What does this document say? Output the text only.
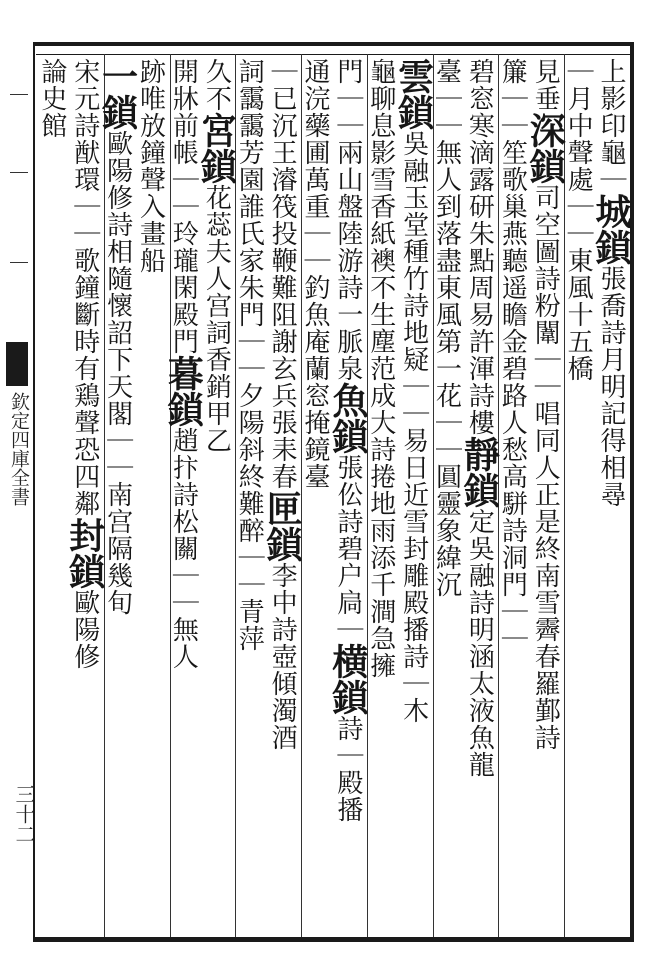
欽定四庫全書
三十二
上影印龜｜城鎖張喬詩月明記得相尋
｜月中聲處｜｜東風十五橋
見垂深鎖司空圖詩粉闈｜｜唱同人正是終南雪霽春羅鄞詩
簾｜｜笙歌巢燕聽遥瞻金碧路人愁高駢詩洞門｜｜
碧窓寒滴露研朱點周易許渾詩樓靜鎖定吳融詩明涵太液魚龍
臺｜｜無人到落盡東風第一花｜｜圓靈象緯沉
雲鎖吳融玉堂種竹詩地疑｜｜易日近雪封雕殿播詩｜木
龜聊息影雪香紙襖不生塵范成大詩捲地雨添千澗急擁
門｜｜兩山盤陸游詩一脈泉魚鎖張伀詩碧户扃｜横鎖詩｜殿播
通浣藥圃萬重｜｜釣魚庵蘭窓掩鏡臺
｜已沉王濬筏投鞭難阻謝玄兵張耒春匣鎖李中詩壺傾濁酒
詞靄靄芳園誰氏家朱門｜｜夕陽斜終難醉｜｜青萍
久不宮鎖花蕊夫人宫詞香銷甲乙
開牀前帳｜｜玲瓏閑殿門暮鎖趙抃詩松關｜｜無人
跡唯放鐘聲入畫船
一鎖歐陽修詩相隨懷詔下天閣｜｜南宫隔幾旬
宋元詩猷環｜｜歌鐘斷時有鶏聲恐四鄰封鎖歐陽修
論史館
